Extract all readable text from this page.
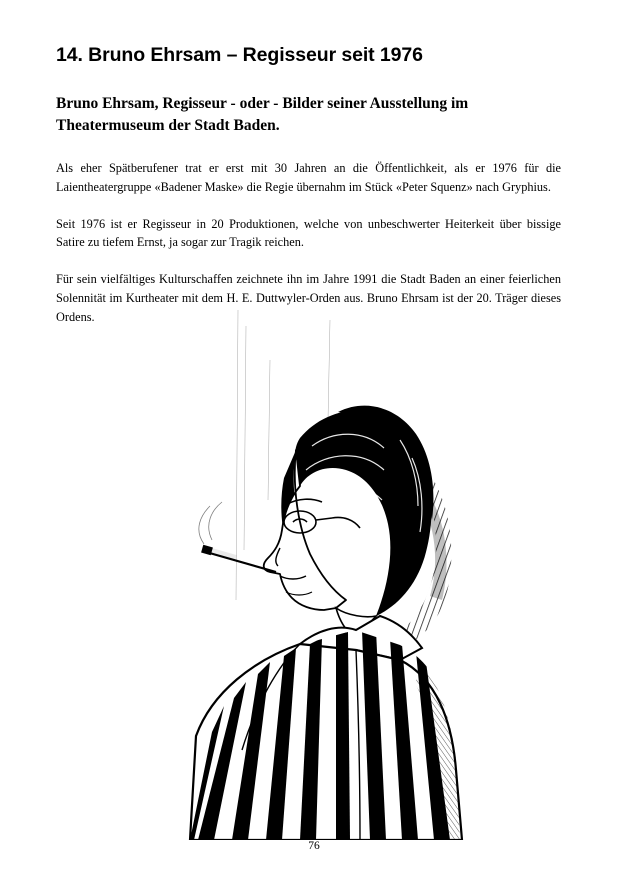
14. Bruno Ehrsam – Regisseur seit 1976
Bruno Ehrsam, Regisseur - oder - Bilder seiner Ausstellung im Theatermuseum der Stadt Baden.

Als eher Spätberufener trat er erst mit 30 Jahren an die Öffentlichkeit, als er 1976 für die Laientheatergruppe «Badener Maske» die Regie übernahm im Stück «Peter Squenz» nach Gryphius.

Seit 1976 ist er Regisseur in 20 Produktionen, welche von unbeschwerter Heiterkeit über bissige Satire zu tiefem Ernst, ja sogar zur Tragik reichen.

Für sein vielfältiges Kulturschaffen zeichnete ihn im Jahre 1991 die Stadt Baden an einer feierlichen Solennität im Kurtheater mit dem H. E. Duttwyler-Orden aus. Bruno Ehrsam ist der 20. Träger dieses Ordens.

76
